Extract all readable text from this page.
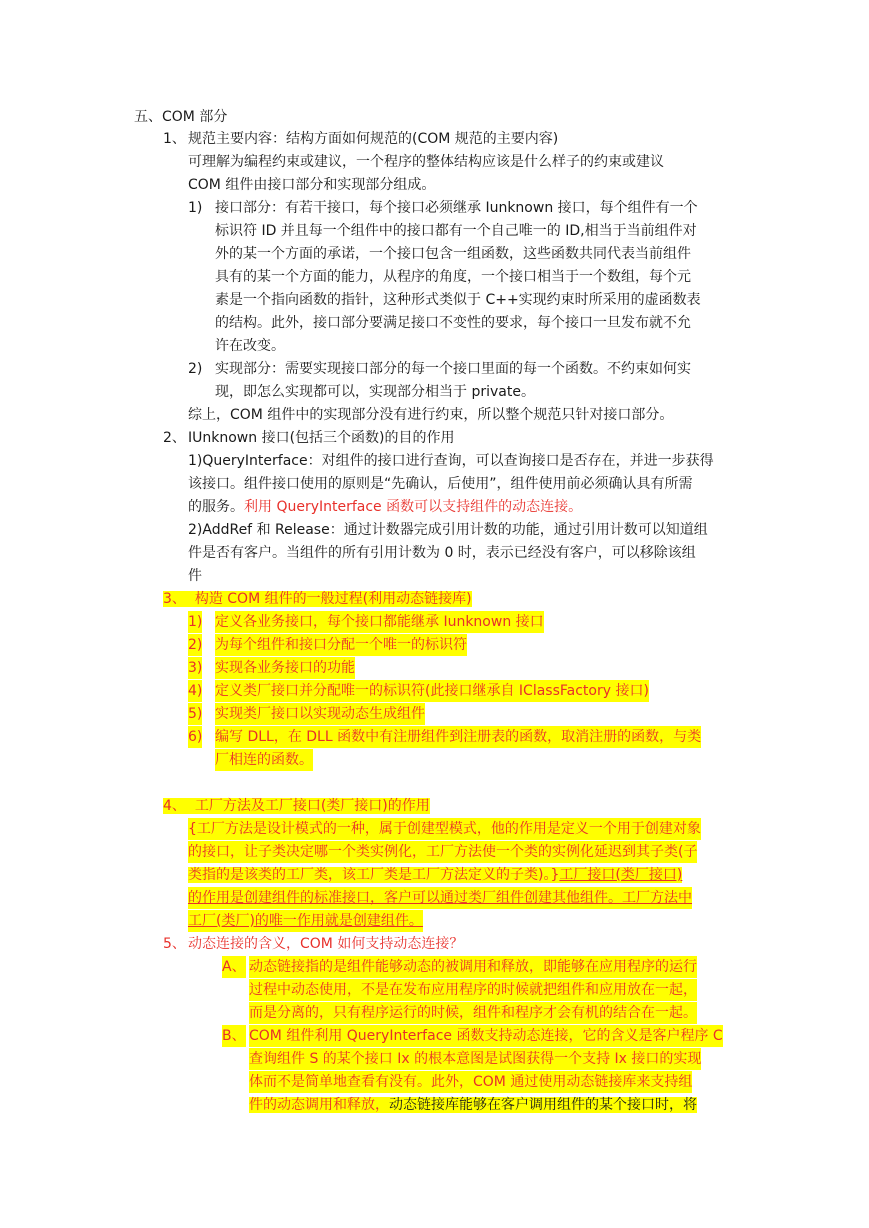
五、COM 部分
1、 规范主要内容：结构方面如何规范的(COM 规范的主要内容)
可理解为编程约束或建议，一个程序的整体结构应该是什么样子的约束或建议
COM 组件由接口部分和实现部分组成。
1) 接口部分：有若干接口，每个接口必须继承 Iunknown 接口，每个组件有一个
标识符 ID 并且每一个组件中的接口都有一个自己唯一的 ID,相当于当前组件对
外的某一个方面的承诺，一个接口包含一组函数，这些函数共同代表当前组件
具有的某一个方面的能力，从程序的角度，一个接口相当于一个数组，每个元
素是一个指向函数的指针，这种形式类似于 C++实现约束时所采用的虚函数表
的结构。此外，接口部分要满足接口不变性的要求，每个接口一旦发布就不允
许在改变。
2) 实现部分：需要实现接口部分的每一个接口里面的每一个函数。不约束如何实
现，即怎么实现都可以，实现部分相当于 private。
综上，COM 组件中的实现部分没有进行约束，所以整个规范只针对接口部分。
2、 IUnknown 接口(包括三个函数)的目的作用
1)QueryInterface：对组件的接口进行查询，可以查询接口是否存在，并进一步获得
该接口。组件接口使用的原则是“先确认，后使用”，组件使用前必须确认具有所需
的服务。利用 QueryInterface 函数可以支持组件的动态连接。
2)AddRef 和 Release：通过计数器完成引用计数的功能，通过引用计数可以知道组
件是否有客户。当组件的所有引用计数为 0 时，表示已经没有客户，可以移除该组
件
3、 构造 COM 组件的一般过程(利用动态链接库)
1) 定义各业务接口，每个接口都能继承 Iunknown 接口
2) 为每个组件和接口分配一个唯一的标识符
3) 实现各业务接口的功能
4) 定义类厂接口并分配唯一的标识符(此接口继承自 IClassFactory 接口)
5) 实现类厂接口以实现动态生成组件
6) 编写 DLL，在 DLL 函数中有注册组件到注册表的函数，取消注册的函数，与类
厂相连的函数。
4、 工厂方法及工厂接口(类厂接口)的作用
{工厂方法是设计模式的一种，属于创建型模式，他的作用是定义一个用于创建对象
的接口，让子类决定哪一个类实例化，工厂方法使一个类的实例化延迟到其子类(子
类指的是该类的工厂类，该工厂类是工厂方法定义的子类)。}工厂接口(类厂接口)
的作用是创建组件的标准接口，客户可以通过类厂组件创建其他组件。工厂方法中
工厂(类厂)的唯一作用就是创建组件。
5、 动态连接的含义，COM 如何支持动态连接？
A、 动态链接指的是组件能够动态的被调用和释放，即能够在应用程序的运行
过程中动态使用，不是在发布应用程序的时候就把组件和应用放在一起，
而是分离的，只有程序运行的时候，组件和程序才会有机的结合在一起。
B、 COM 组件利用 QueryInterface 函数支持动态连接，它的含义是客户程序 C
查询组件 S 的某个接口 Ix 的根本意图是试图获得一个支持 Ix 接口的实现
体而不是简单地查看有没有。此外，COM 通过使用动态链接库来支持组
件的动态调用和释放，动态链接库能够在客户调用组件的某个接口时，将
